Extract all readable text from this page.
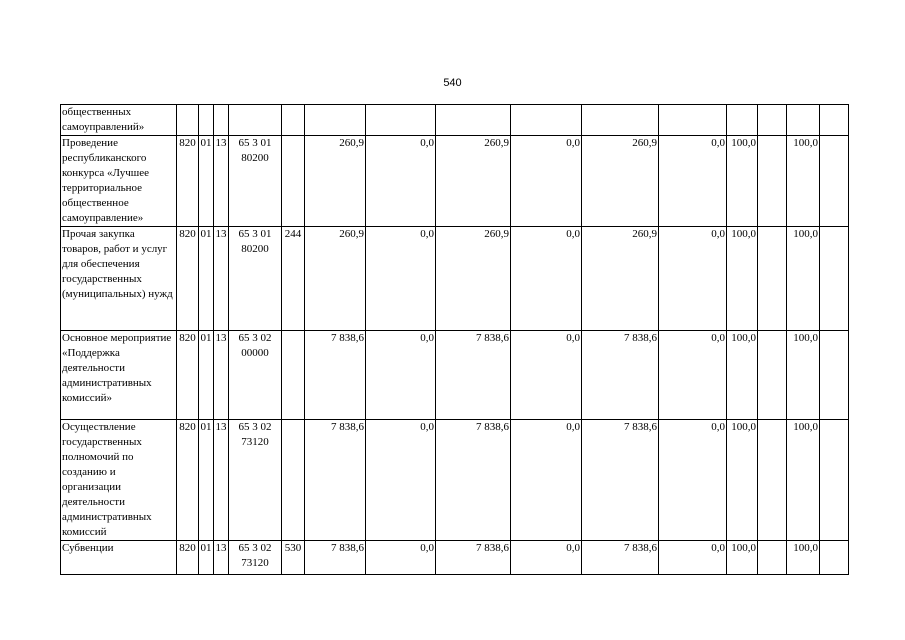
540
общественных самоуправлений»															
Проведение республиканского конкурса «Лучшее территориальное общественное самоуправление»	820	01	13	65 3 01 80200		260,9	0,0	260,9	0,0	260,9	0,0	100,0		100,0	
Прочая закупка товаров, работ и услуг для обеспечения государственных (муниципальных) нужд	820	01	13	65 3 01 80200	244	260,9	0,0	260,9	0,0	260,9	0,0	100,0		100,0	
Основное мероприятие «Поддержка деятельности административных комиссий»	820	01	13	65 3 02 00000		7 838,6	0,0	7 838,6	0,0	7 838,6	0,0	100,0		100,0	
Осуществление государственных полномочий по созданию и организации деятельности административных комиссий	820	01	13	65 3 02 73120		7 838,6	0,0	7 838,6	0,0	7 838,6	0,0	100,0		100,0	
Субвенции	820	01	13	65 3 02 73120	530	7 838,6	0,0	7 838,6	0,0	7 838,6	0,0	100,0		100,0	
